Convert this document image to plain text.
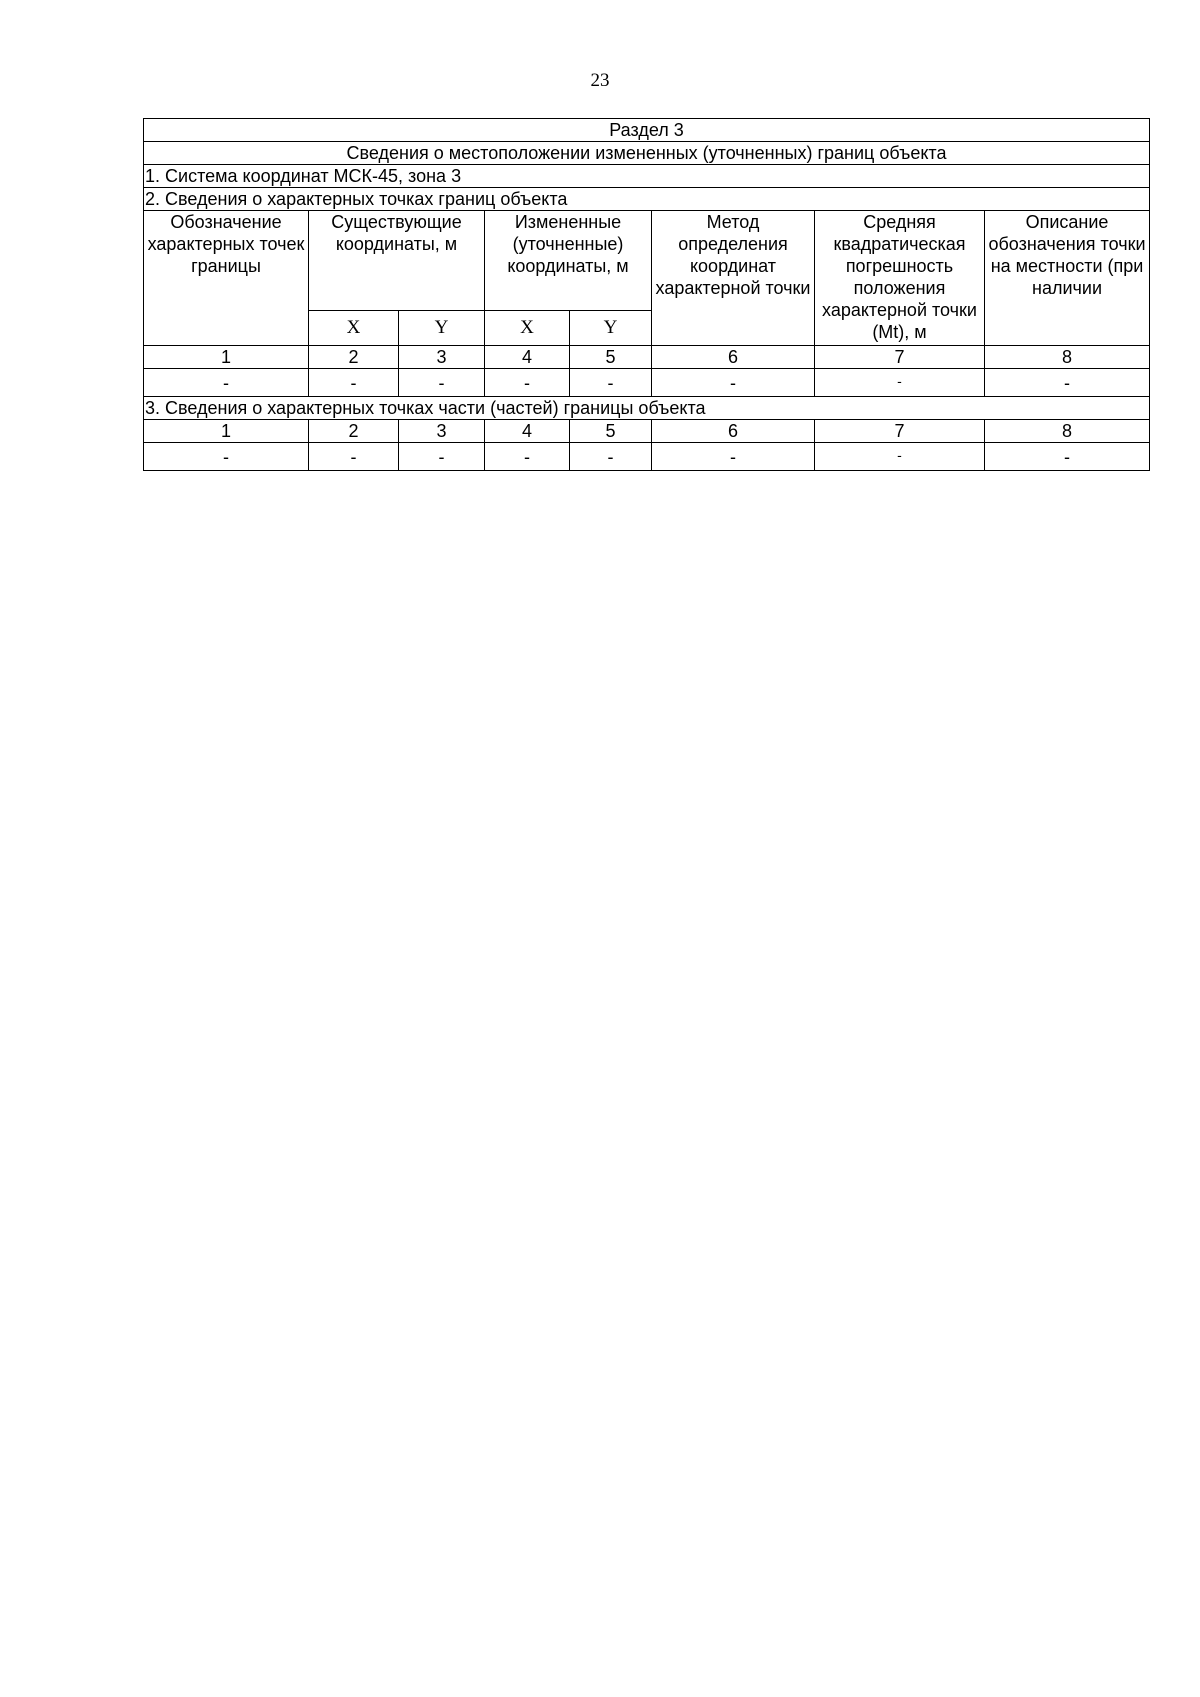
23
Раздел 3							
Сведения о местоположении измененных (уточненных) границ объекта							
1. Система координат МСК-45, зона 3							
2. Сведения о характерных точках границ объекта							
Обозначение характерных точек границы	Существующие координаты, м		Измененные (уточненные) координаты, м		Метод определения координат характерной точки	Средняя квадратическая погрешность положения характерной точки (Mt), м	Описание обозначения точки на местности (при наличии
	X	Y	X	Y			
1	2	3	4	5	6	7	8
-	-	-	-	-	-	-	-
3. Сведения о характерных точках части (частей) границы объекта							
1	2	3	4	5	6	7	8
-	-	-	-	-	-	-	-
